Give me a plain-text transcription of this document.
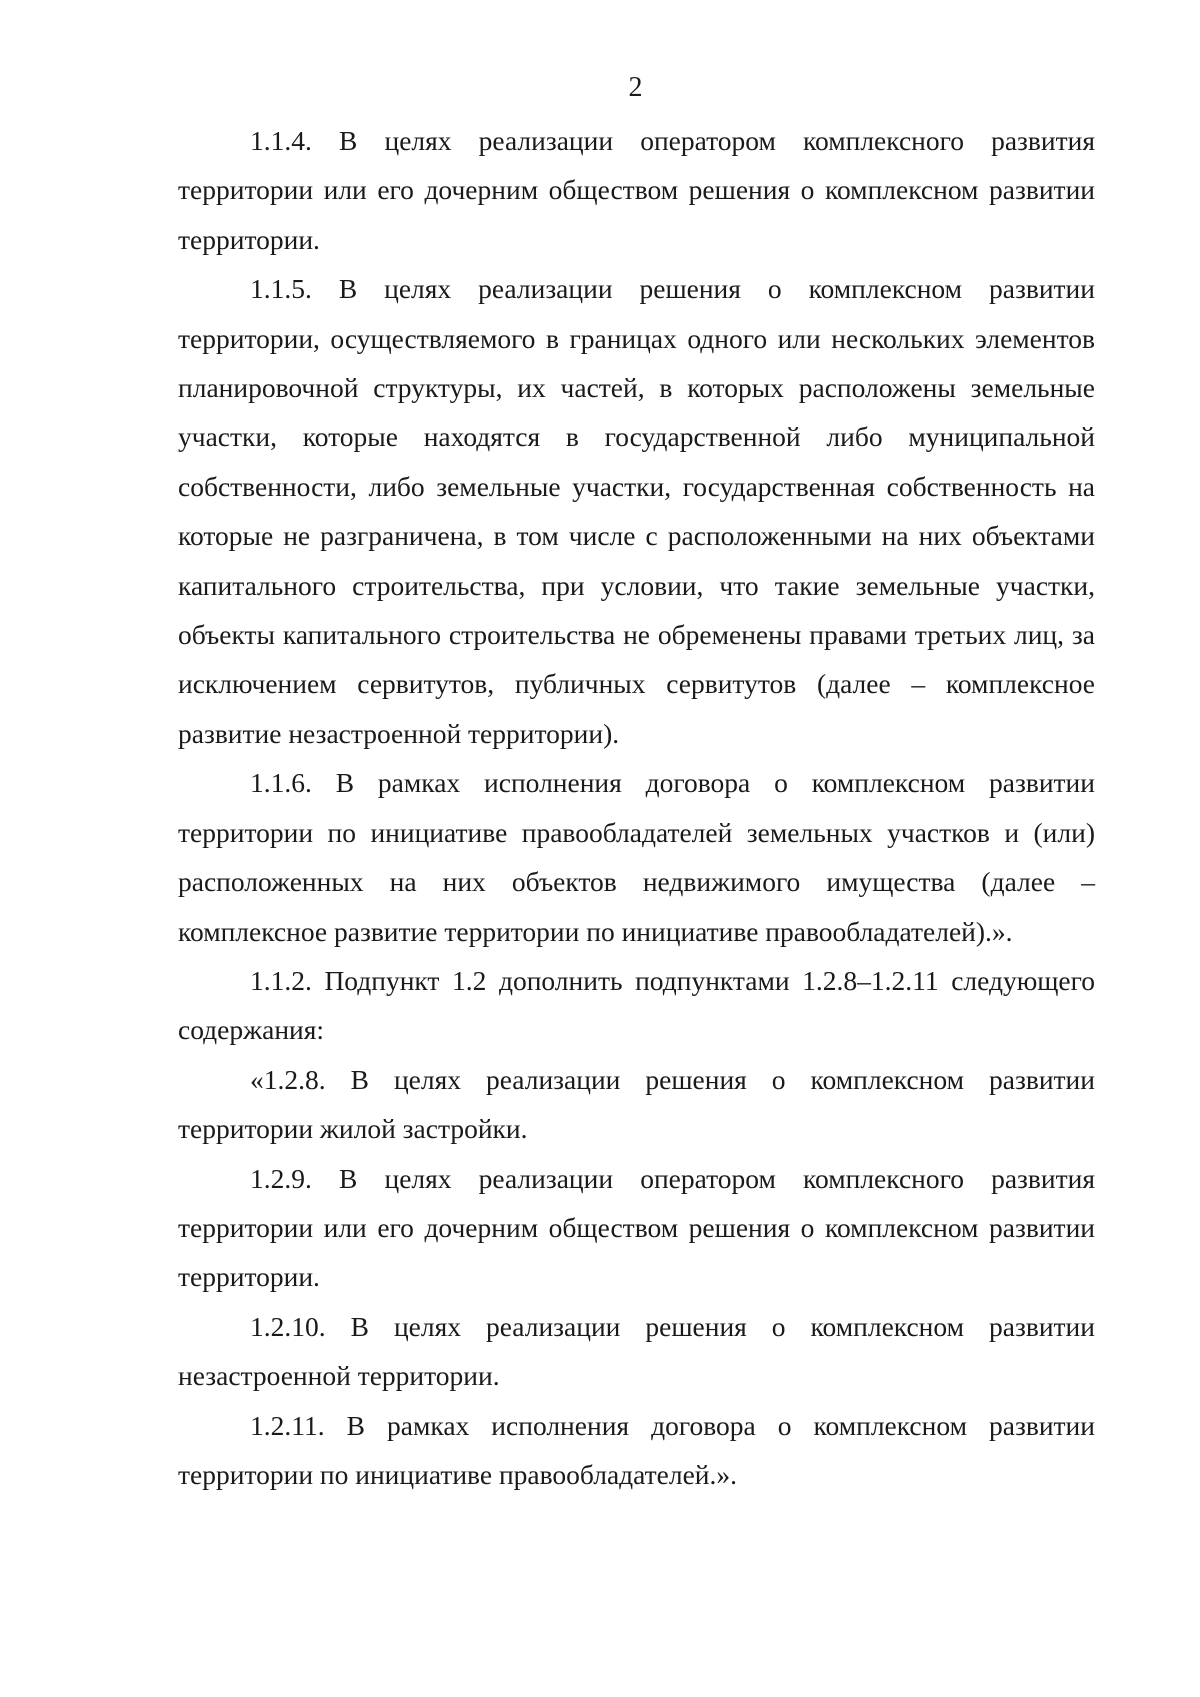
2

1.1.4. В целях реализации оператором комплексного развития территории или его дочерним обществом решения о комплексном развитии территории.

1.1.5. В целях реализации решения о комплексном развитии территории, осуществляемого в границах одного или нескольких элементов планировочной структуры, их частей, в которых расположены земельные участки, которые находятся в государственной либо муниципальной собственности, либо земельные участки, государственная собственность на которые не разграничена, в том числе с расположенными на них объектами капитального строительства, при условии, что такие земельные участки, объекты капитального строительства не обременены правами третьих лиц, за исключением сервитутов, публичных сервитутов (далее – комплексное развитие незастроенной территории).

1.1.6. В рамках исполнения договора о комплексном развитии территории по инициативе правообладателей земельных участков и (или) расположенных на них объектов недвижимого имущества (далее – комплексное развитие территории по инициативе правообладателей).».

1.1.2. Подпункт 1.2 дополнить подпунктами 1.2.8–1.2.11 следующего содержания:

«1.2.8. В целях реализации решения о комплексном развитии территории жилой застройки.

1.2.9. В целях реализации оператором комплексного развития территории или его дочерним обществом решения о комплексном развитии территории.

1.2.10. В целях реализации решения о комплексном развитии незастроенной территории.

1.2.11. В рамках исполнения договора о комплексном развитии территории по инициативе правообладателей.».
